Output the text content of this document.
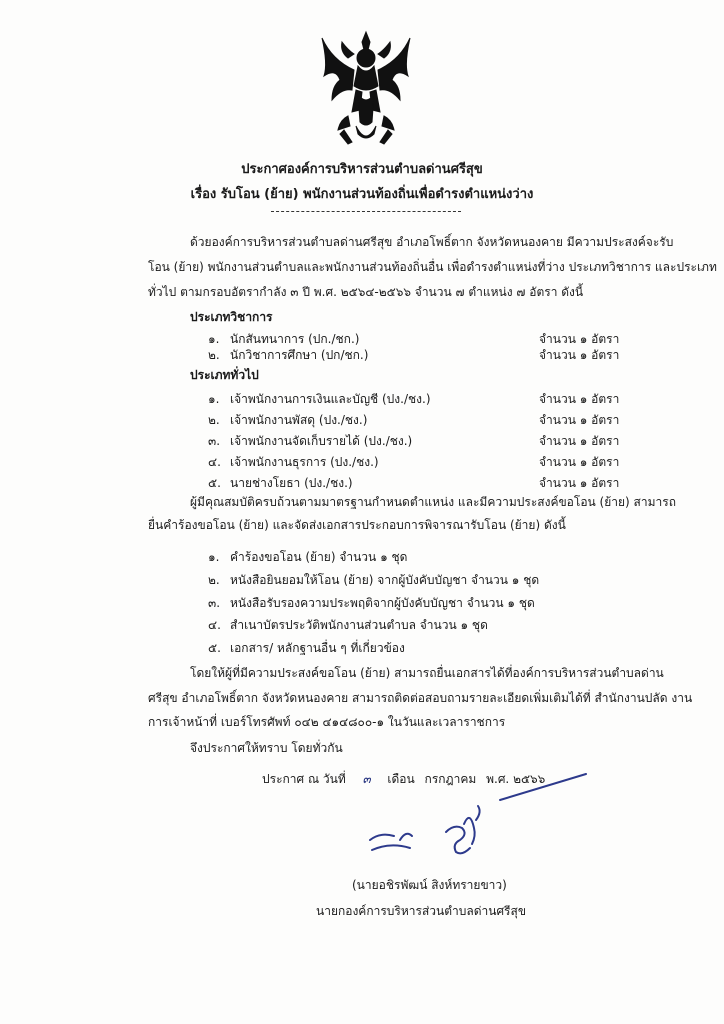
ประกาศองค์การบริหารส่วนตำบลด่านศรีสุข
เรื่อง รับโอน (ย้าย) พนักงานส่วนท้องถิ่นเพื่อดำรงตำแหน่งว่าง
ด้วยองค์การบริหารส่วนตำบลด่านศรีสุข อำเภอโพธิ์ตาก จังหวัดหนองคาย มีความประสงค์จะรับ
โอน (ย้าย) พนักงานส่วนตำบลและพนักงานส่วนท้องถิ่นอื่น เพื่อดำรงตำแหน่งที่ว่าง ประเภทวิชาการ และประเภท
ทั่วไป ตามกรอบอัตรากำลัง ๓ ปี พ.ศ. ๒๕๖๔-๒๕๖๖ จำนวน ๗ ตำแหน่ง ๗ อัตรา ดังนี้
ประเภทวิชาการ
๑. นักสันทนาการ (ปก./ชก.)	จำนวน ๑ อัตรา
๒. นักวิชาการศึกษา (ปก/ชก.)	จำนวน ๑ อัตรา
ประเภททั่วไป
๑. เจ้าพนักงานการเงินและบัญชี (ปง./ชง.)	จำนวน ๑ อัตรา
๒. เจ้าพนักงานพัสดุ (ปง./ชง.)	จำนวน ๑ อัตรา
๓. เจ้าพนักงานจัดเก็บรายได้ (ปง./ชง.)	จำนวน ๑ อัตรา
๔. เจ้าพนักงานธุรการ (ปง./ชง.)	จำนวน ๑ อัตรา
๕. นายช่างโยธา (ปง./ชง.)	จำนวน ๑ อัตรา
ผู้มีคุณสมบัติครบถ้วนตามมาตรฐานกำหนดตำแหน่ง และมีความประสงค์ขอโอน (ย้าย) สามารถ
ยื่นคำร้องขอโอน (ย้าย) และจัดส่งเอกสารประกอบการพิจารณารับโอน (ย้าย) ดังนี้
๑. คำร้องขอโอน (ย้าย) จำนวน ๑ ชุด
๒. หนังสือยินยอมให้โอน (ย้าย) จากผู้บังคับบัญชา จำนวน ๑ ชุด
๓. หนังสือรับรองความประพฤติจากผู้บังคับบัญชา จำนวน ๑ ชุด
๔. สำเนาบัตรประวัติพนักงานส่วนตำบล จำนวน ๑ ชุด
๕. เอกสาร/ หลักฐานอื่น ๆ ที่เกี่ยวข้อง
โดยให้ผู้ที่มีความประสงค์ขอโอน (ย้าย) สามารถยื่นเอกสารได้ที่องค์การบริหารส่วนตำบลด่าน
ศรีสุข อำเภอโพธิ์ตาก จังหวัดหนองคาย สามารถติดต่อสอบถามรายละเอียดเพิ่มเติมได้ที่ สำนักงานปลัด งาน
การเจ้าหน้าที่ เบอร์โทรศัพท์ ๐๔๒ ๔๑๔๘๐๐-๑ ในวันและเวลาราชการ
จึงประกาศให้ทราบ โดยทั่วกัน
ประกาศ ณ วันที่ ๓ เดือน กรกฎาคม พ.ศ. ๒๕๖๖
(นายอชิรพัฒน์ สิงห์ทรายขาว)
นายกองค์การบริหารส่วนตำบลด่านศรีสุข
